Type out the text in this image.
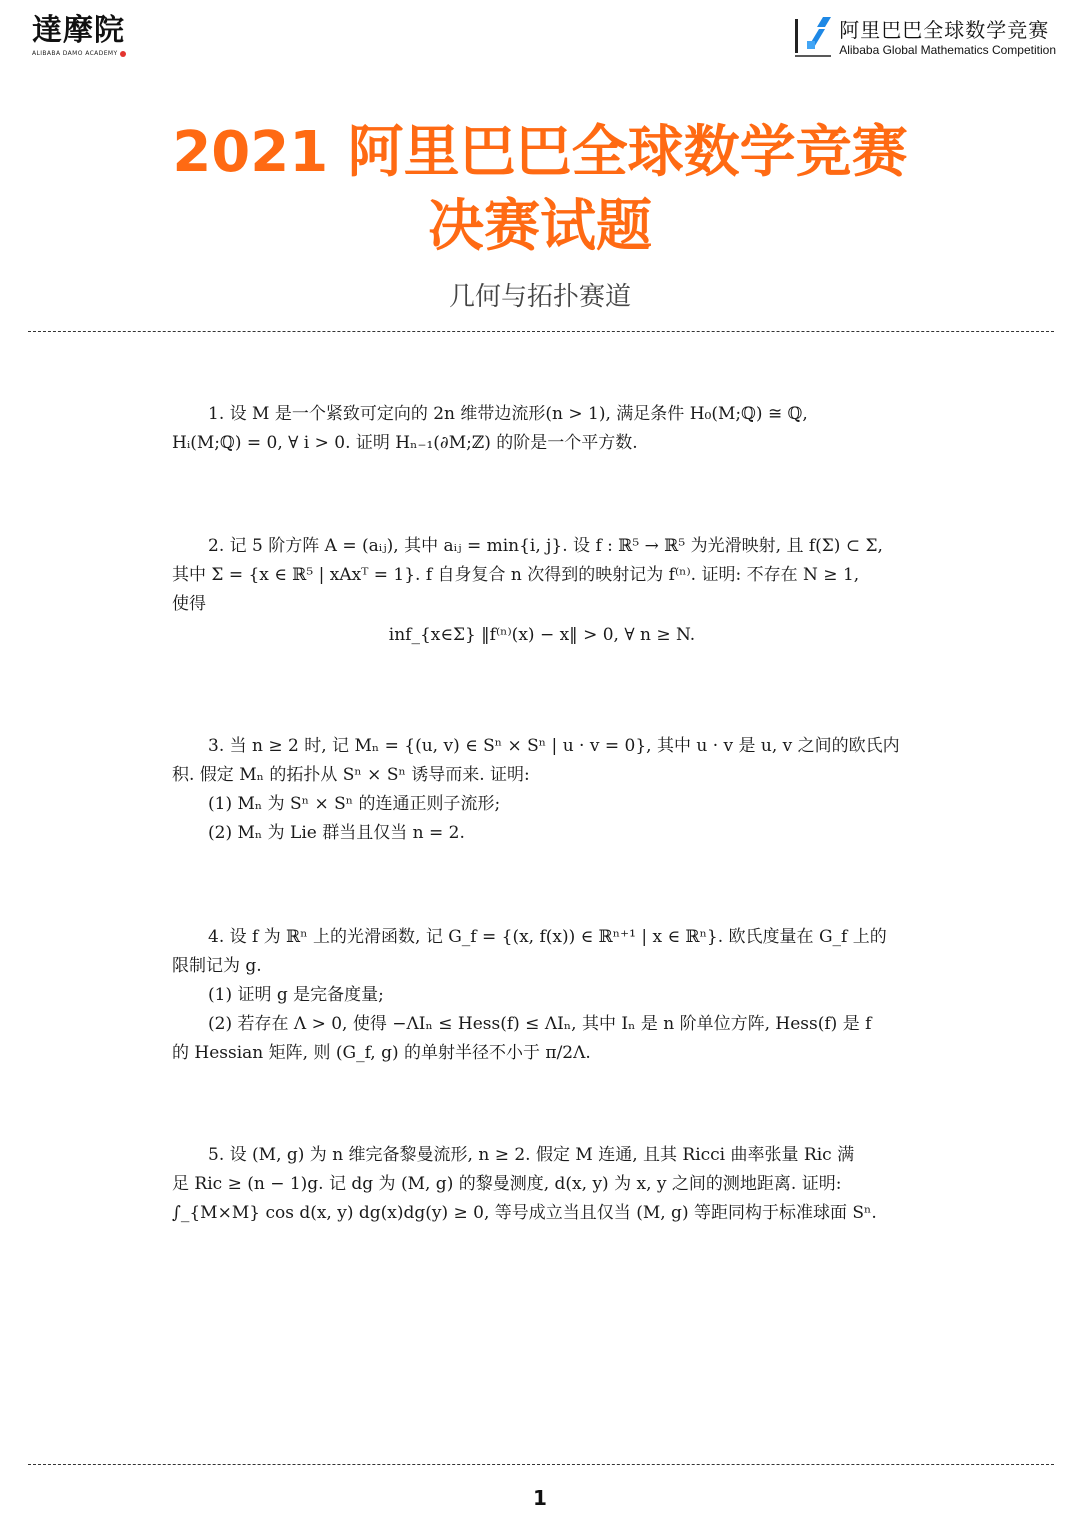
達摩院
ALIBABA DAMO ACADEMY
阿里巴巴全球数学竞赛
Alibaba Global Mathematics Competition
2021 阿里巴巴全球数学竞赛
决赛试题
几何与拓扑赛道
1. 设 M 是一个紧致可定向的 2n 维带边流形(n > 1), 满足条件 H₀(M;ℚ) ≅ ℚ,
Hᵢ(M;ℚ) = 0, ∀ i > 0. 证明 Hₙ₋₁(∂M;ℤ) 的阶是一个平方数.
2. 记 5 阶方阵 A = (aᵢⱼ), 其中 aᵢⱼ = min{i, j}. 设 f : ℝ⁵ → ℝ⁵ 为光滑映射, 且 f(Σ) ⊂ Σ,
其中 Σ = {x ∈ ℝ⁵ | xAxᵀ = 1}. f 自身复合 n 次得到的映射记为 f⁽ⁿ⁾. 证明: 不存在 N ≥ 1,
使得
inf_{x∈Σ} ‖f⁽ⁿ⁾(x) − x‖ > 0, ∀ n ≥ N.
3. 当 n ≥ 2 时, 记 Mₙ = {(u, v) ∈ Sⁿ × Sⁿ | u · v = 0}, 其中 u · v 是 u, v 之间的欧氏内
积. 假定 Mₙ 的拓扑从 Sⁿ × Sⁿ 诱导而来. 证明:
(1) Mₙ 为 Sⁿ × Sⁿ 的连通正则子流形;
(2) Mₙ 为 Lie 群当且仅当 n = 2.
4. 设 f 为 ℝⁿ 上的光滑函数, 记 G_f = {(x, f(x)) ∈ ℝⁿ⁺¹ | x ∈ ℝⁿ}. 欧氏度量在 G_f 上的
限制记为 g.
(1) 证明 g 是完备度量;
(2) 若存在 Λ > 0, 使得 −ΛIₙ ≤ Hess(f) ≤ ΛIₙ, 其中 Iₙ 是 n 阶单位方阵, Hess(f) 是 f
的 Hessian 矩阵, 则 (G_f, g) 的单射半径不小于 π/2Λ.
5. 设 (M, g) 为 n 维完备黎曼流形, n ≥ 2. 假定 M 连通, 且其 Ricci 曲率张量 Ric 满
足 Ric ≥ (n − 1)g. 记 dg 为 (M, g) 的黎曼测度, d(x, y) 为 x, y 之间的测地距离. 证明:
∫_{M×M} cos d(x, y) dg(x)dg(y) ≥ 0, 等号成立当且仅当 (M, g) 等距同构于标准球面 Sⁿ.
1
